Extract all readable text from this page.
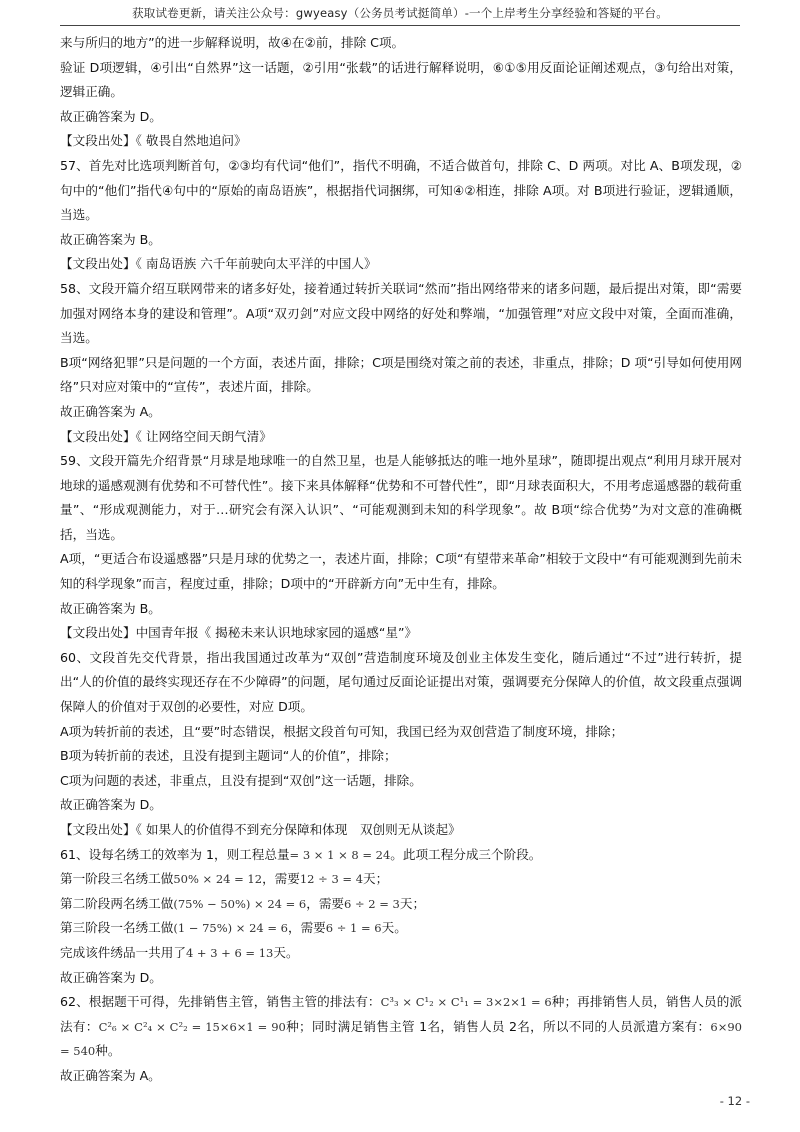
获取试卷更新，请关注公众号：gwyeasy（公务员考试挺简单）-一个上岸考生分享经验和答疑的平台。

来与所归的地方”的进一步解释说明，故④在②前，排除 C项。

验证 D项逻辑，④引出“自然界”这一话题，②引用“张载”的话进行解释说明，⑥①⑤用反面论证阐述观点，③句给出对策，逻辑正确。

故正确答案为 D。

【文段出处】《 敬畏自然地追问》

57、首先对比选项判断首句，②③均有代词“他们”，指代不明确，不适合做首句，排除 C、D 两项。对比 A、B项发现，②句中的“他们”指代④句中的“原始的南岛语族”，根据指代词捆绑，可知④②相连，排除 A项。对 B项进行验证，逻辑通顺，当选。

故正确答案为 B。

【文段出处】《 南岛语族 六千年前驶向太平洋的中国人》

58、文段开篇介绍互联网带来的诸多好处，接着通过转折关联词“然而”指出网络带来的诸多问题，最后提出对策，即“需要加强对网络本身的建设和管理”。A项“双刃剑”对应文段中网络的好处和弊端，“加强管理”对应文段中对策，全面而准确，当选。

B项“网络犯罪”只是问题的一个方面，表述片面，排除；C项是围绕对策之前的表述，非重点，排除；D 项“引导如何使用网络”只对应对策中的“宣传”，表述片面，排除。

故正确答案为 A。

【文段出处】《 让网络空间天朗气清》

59、文段开篇先介绍背景“月球是地球唯一的自然卫星，也是人能够抵达的唯一地外星球”，随即提出观点“利用月球开展对地球的遥感观测有优势和不可替代性”。接下来具体解释“优势和不可替代性”，即“月球表面积大，不用考虑遥感器的载荷重量”、“形成观测能力，对于…研究会有深入认识”、“可能观测到未知的科学现象”。故 B项“综合优势”为对文意的准确概括，当选。

A项，“更适合布设遥感器”只是月球的优势之一，表述片面，排除；C项“有望带来革命”相较于文段中“有可能观测到先前未知的科学现象”而言，程度过重，排除；D项中的“开辟新方向”无中生有，排除。

故正确答案为 B。

【文段出处】中国青年报《 揭秘未来认识地球家园的遥感“星”》

60、文段首先交代背景，指出我国通过改革为“双创”营造制度环境及创业主体发生变化，随后通过“不过”进行转折，提出“人的价值的最终实现还存在不少障碍”的问题，尾句通过反面论证提出对策，强调要充分保障人的价值，故文段重点强调保障人的价值对于双创的必要性，对应 D项。

A项为转折前的表述，且“要”时态错误，根据文段首句可知，我国已经为双创营造了制度环境，排除；

B项为转折前的表述，且没有提到主题词“人的价值”，排除；

C项为问题的表述，非重点，且没有提到“双创”这一话题，排除。

故正确答案为 D。

【文段出处】《 如果人的价值得不到充分保障和体现　双创则无从谈起》

61、设每名绣工的效率为 1，则工程总量= 3 × 1 × 8 = 24。此项工程分成三个阶段。

第一阶段三名绣工做50% × 24 = 12，需要12 ÷ 3 = 4天；

第二阶段两名绣工做(75% − 50%) × 24 = 6，需要6 ÷ 2 = 3天；

第三阶段一名绣工做(1 − 75%) × 24 = 6，需要6 ÷ 1 = 6天。

完成该件绣品一共用了4 + 3 + 6 = 13天。

故正确答案为 D。

62、根据题干可得，先排销售主管，销售主管的排法有：C³₃ × C¹₂ × C¹₁ = 3×2×1 = 6种；再排销售人员，销售人员的派法有：C²₆ × C²₄ × C²₂ = 15×6×1 = 90种；同时满足销售主管 1名，销售人员 2名，所以不同的人员派遣方案有：6×90 = 540种。

故正确答案为 A。

- 12 -
